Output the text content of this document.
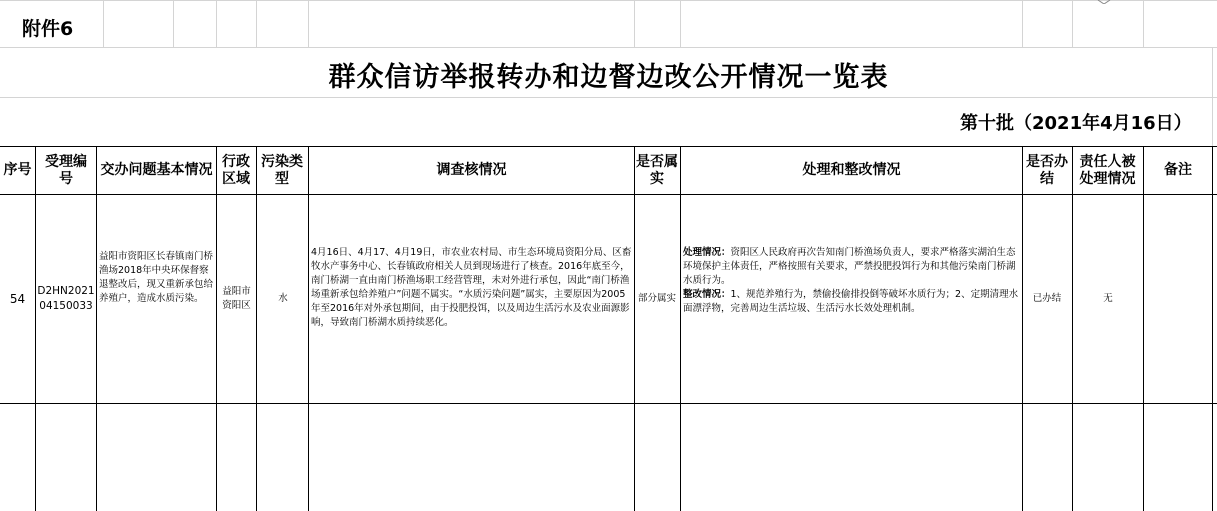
附件6
群众信访举报转办和边督边改公开情况一览表
第十批（2021年4月16日）
序号
受理编号
交办问题基本情况
行政区域
污染类型
调查核情况
是否属实
处理和整改情况
是否办结
责任人被处理情况
备注
54
D2HN202104150033
益阳市资阳区长春镇南门桥渔场2018年中央环保督察退整改后，现又重新承包给养殖户，造成水质污染。
益阳市资阳区
水
4月16日、4月17、4月19日，市农业农村局、市生态环境局资阳分局、区畜牧水产事务中心、长春镇政府相关人员到现场进行了核查。2016年底至今，南门桥湖一直由南门桥渔场职工经营管理，未对外进行承包，因此“南门桥渔场重新承包给养殖户”问题不属实。“水质污染问题”属实，主要原因为2005年至2016年对外承包期间，由于投肥投饵，以及周边生活污水及农业面源影响，导致南门桥湖水质持续恶化。
部分属实
处理情况：资阳区人民政府再次告知南门桥渔场负责人，要求严格落实湖泊生态环境保护主体责任，严格按照有关要求，严禁投肥投饵行为和其他污染南门桥湖水质行为。
整改情况：1、规范养殖行为，禁偷投偷排投倒等破坏水质行为；2、定期清理水面漂浮物，完善周边生活垃圾、生活污水长效处理机制。
已办结	无
